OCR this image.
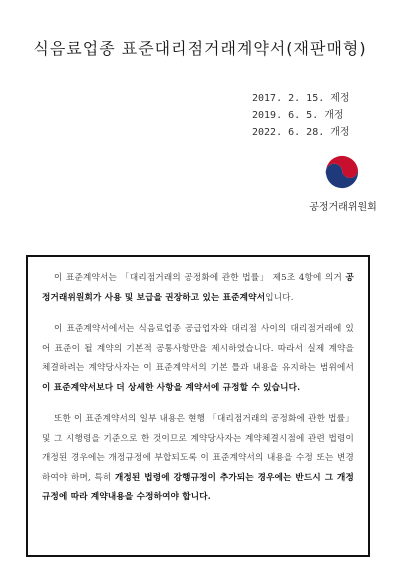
식음료업종 표준대리점거래계약서(재판매형)
2017. 2. 15. 제정
2019. 6. 5. 개정
2022. 6. 28. 개정
공정거래위원회

이 표준계약서는 「대리점거래의 공정화에 관한 법률」 제5조 4항에 의거 공정거래위원회가 사용 및 보급을 권장하고 있는 표준계약서입니다.

이 표준계약서에서는 식음료업종 공급업자와 대리점 사이의 대리점거래에 있어 표준이 될 계약의 기본적 공통사항만을 제시하였습니다. 따라서 실제 계약을 체결하려는 계약당사자는 이 표준계약서의 기본 틀과 내용을 유지하는 범위에서 이 표준계약서보다 더 상세한 사항을 계약서에 규정할 수 있습니다.

또한 이 표준계약서의 일부 내용은 현행 「대리점거래의 공정화에 관한 법률」 및 그 시행령을 기준으로 한 것이므로 계약당사자는 계약체결시점에 관련 법령이 개정된 경우에는 개정규정에 부합되도록 이 표준계약서의 내용을 수정 또는 변경하여야 하며, 특히 개정된 법령에 강행규정이 추가되는 경우에는 반드시 그 개정규정에 따라 계약내용을 수정하여야 합니다.
